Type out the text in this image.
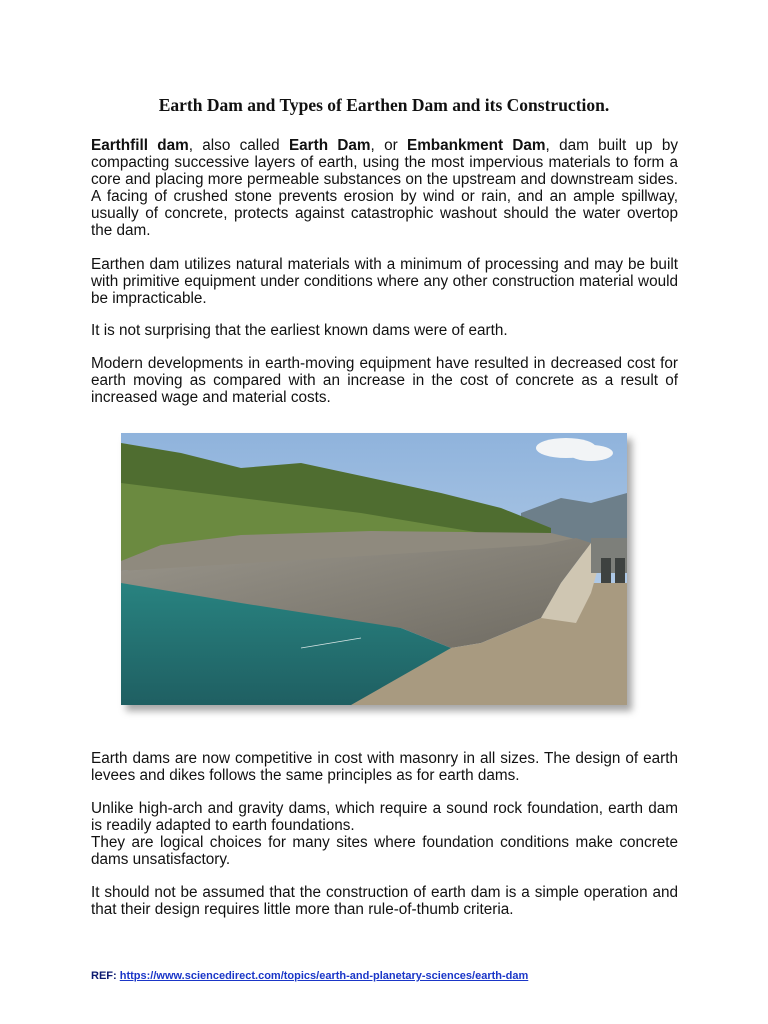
Earth Dam and Types of Earthen Dam and its Construction.

Earthfill dam, also called Earth Dam, or Embankment Dam, dam built up by compacting successive layers of earth, using the most impervious materials to form a core and placing more permeable substances on the upstream and downstream sides. A facing of crushed stone prevents erosion by wind or rain, and an ample spillway, usually of concrete, protects against catastrophic washout should the water overtop the dam.

Earthen dam utilizes natural materials with a minimum of processing and may be built with primitive equipment under conditions where any other construction material would be impracticable.

It is not surprising that the earliest known dams were of earth.

Modern developments in earth-moving equipment have resulted in decreased cost for earth moving as compared with an increase in the cost of concrete as a result of increased wage and material costs.

Earth dams are now competitive in cost with masonry in all sizes. The design of earth levees and dikes follows the same principles as for earth dams.

Unlike high-arch and gravity dams, which require a sound rock foundation, earth dam is readily adapted to earth foundations.
They are logical choices for many sites where foundation conditions make concrete dams unsatisfactory.

It should not be assumed that the construction of earth dam is a simple operation and that their design requires little more than rule-of-thumb criteria.

REF: https://www.sciencedirect.com/topics/earth-and-planetary-sciences/earth-dam
